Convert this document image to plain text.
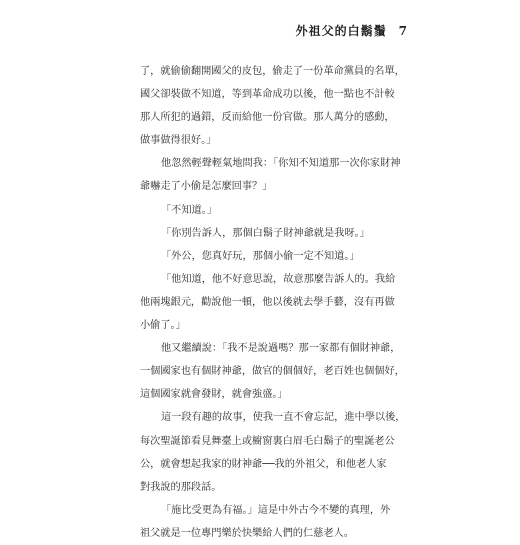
外祖父的白鬍鬚 7
了，就偷偷翻開國父的皮包，偷走了一份革命黨員的名單，
國父卻裝做不知道，等到革命成功以後，他一點也不計較
那人所犯的過錯，反而給他一份官做。那人萬分的感動，
做事做得很好。」
他忽然輕聲輕氣地問我：「你知不知道那一次你家財神
爺嚇走了小偷是怎麼回事？」
「不知道。」
「你別告訴人，那個白鬍子財神爺就是我呀。」
「外公，您真好玩，那個小偷一定不知道。」
「他知道，他不好意思說，故意那麼告訴人的。我給
他兩塊銀元，勸說他一頓，他以後就去學手藝，沒有再做
小偷了。」
他又繼續說：「我不是說過嗎？那一家都有個財神爺，
一個國家也有個財神爺，做官的個個好，老百姓也個個好，
這個國家就會發財，就會強盛。」
這一段有趣的故事，使我一直不會忘記，進中學以後，
每次聖誕節看見舞臺上或櫥窗裏白眉毛白鬍子的聖誕老公
公，就會想起我家的財神爺──我的外祖父，和他老人家
對我說的那段話。
「施比受更為有福。」這是中外古今不變的真理，外
祖父就是一位專門樂於快樂給人們的仁慈老人。
